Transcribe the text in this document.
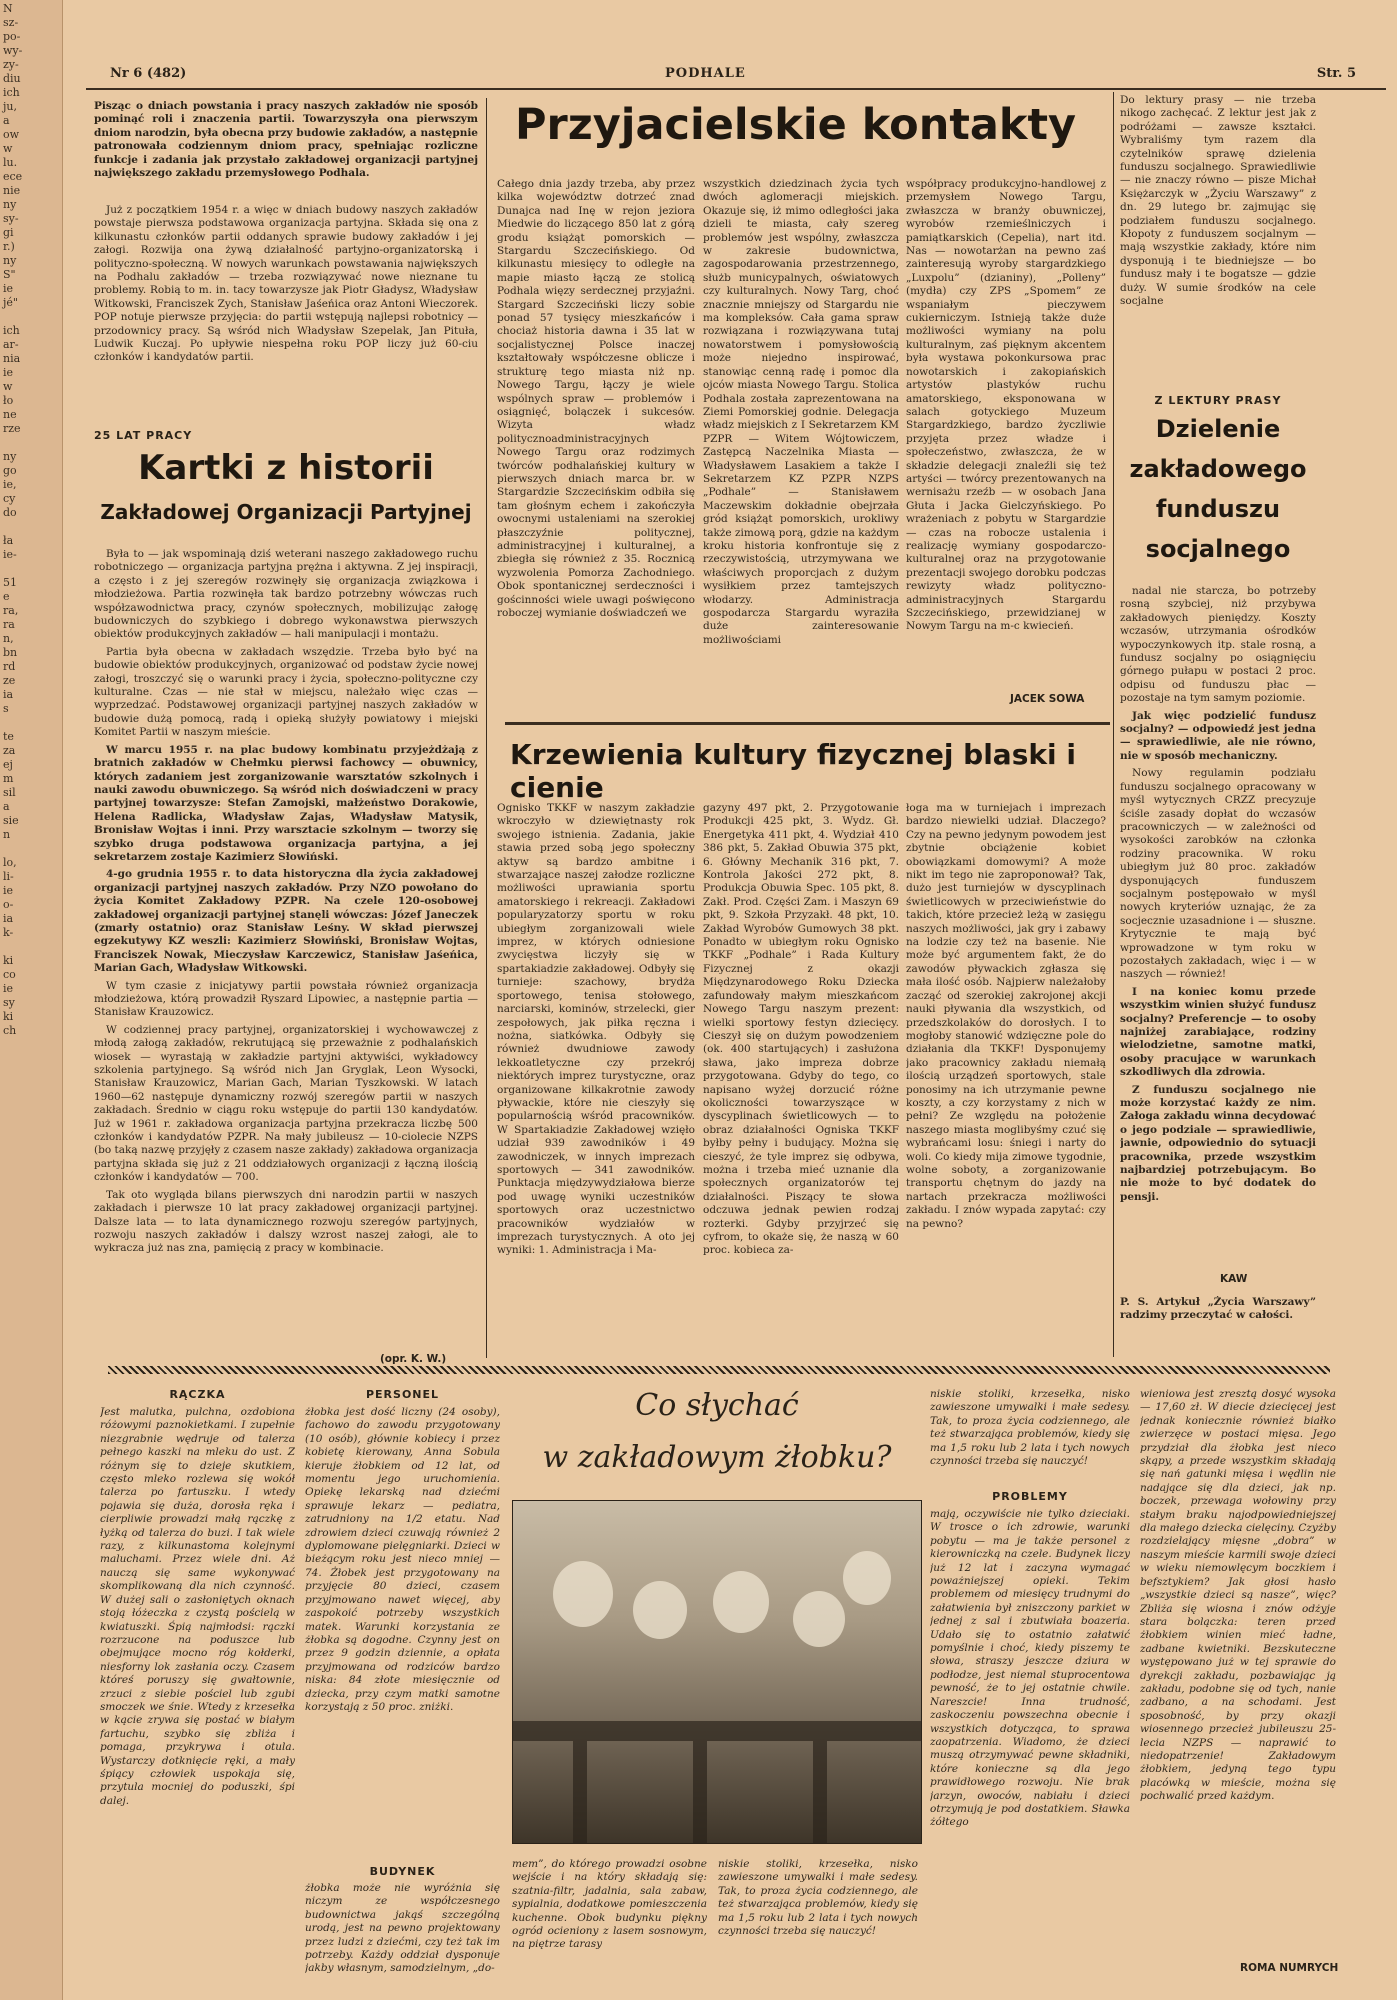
N
sz-
po-
wy-
zy-
diu
ich
ju,
a
ow
w
lu.
ece
nie
ny
sy-
gi
r.)
ny
S"
ie
jé"

ich
ar-
nia
ie
w
ło
ne
rze

ny
go
ie,
cy
do

ła
ie-

51
e
ra,
ra
n,
bn
rd
ze
ia
s

te
za
ej
m
sil
a
sie
n

lo,
li-
ie
o-
ia
k-

ki
co
ie
sy
ki
ch
Nr 6 (482)	PODHALE	Str. 5
Pisząc o dniach powstania i pracy naszych zakładów nie sposób pominąć roli i znaczenia partii. Towarzyszyła ona pierwszym dniom narodzin, była obecna przy budowie zakładów, a następnie patronowała codziennym dniom pracy, spełniając rozliczne funkcje i zadania jak przystało zakładowej organizacji partyjnej największego zakładu przemysłowego Podhala.

Już z początkiem 1954 r. a więc w dniach budowy naszych zakładów powstaje pierwsza podstawowa organizacja partyjna. Składa się ona z kilkunastu członków partii oddanych sprawie budowy zakładów i jej załogi. Rozwija ona żywą działalność partyjno-organizatorską i polityczno-społeczną. W nowych warunkach powstawania największych na Podhalu zakładów — trzeba rozwiązywać nowe nieznane tu problemy. Robią to m. in. tacy towarzysze jak Piotr Gładysz, Władysław Witkowski, Franciszek Zych, Stanisław Jaśeńica oraz Antoni Wieczorek. POP notuje pierwsze przyjęcia: do partii wstępują najlepsi robotnicy — przodownicy pracy. Są wśród nich Władysław Szepelak, Jan Pituła, Ludwik Kuczaj. Po upływie niespełna roku POP liczy już 60-ciu członków i kandydatów partii.

25 LAT PRACY
Kartki z historii
Zakładowej Organizacji Partyjnej

Była to — jak wspominają dziś weterani naszego zakładowego ruchu robotniczego — organizacja partyjna prężna i aktywna. Z jej inspiracji, a często i z jej szeregów rozwinęły się organizacja związkowa i młodzieżowa. Partia rozwinęła tak bardzo potrzebny wówczas ruch współzawodnictwa pracy, czynów społecznych, mobilizując załogę budowniczych do szybkiego i dobrego wykonawstwa pierwszych obiektów produkcyjnych zakładów — hali manipulacji i montażu.

Partia była obecna w zakładach wszędzie. Trzeba było być na budowie obiektów produkcyjnych, organizować od podstaw życie nowej załogi, troszczyć się o warunki pracy i życia, społeczno-polityczne czy kulturalne. Czas — nie stał w miejscu, należało więc czas — wyprzedzać. Podstawowej organizacji partyjnej naszych zakładów w budowie dużą pomocą, radą i opieką służyły powiatowy i miejski Komitet Partii w naszym mieście.

W marcu 1955 r. na plac budowy kombinatu przyjeżdżają z bratnich zakładów w Chełmku pierwsi fachowcy — obuwnicy, których zadaniem jest zorganizowanie warsztatów szkolnych i nauki zawodu obuwniczego. Są wśród nich doświadczeni w pracy partyjnej towarzysze: Stefan Zamojski, małżeństwo Dorakowie, Helena Radlicka, Władysław Zajas, Władysław Matysik, Bronisław Wojtas i inni. Przy warsztacie szkolnym — tworzy się szybko druga podstawowa organizacja partyjna, a jej sekretarzem zostaje Kazimierz Słowiński.

4-go grudnia 1955 r. to data historyczna dla życia zakładowej organizacji partyjnej naszych zakładów. Przy NZO powołano do życia Komitet Zakładowy PZPR. Na czele 120-osobowej zakładowej organizacji partyjnej stanęli wówczas: Józef Janeczek (zmarły ostatnio) oraz Stanisław Leśny. W skład pierwszej egzekutywy KZ weszli: Kazimierz Słowiński, Bronisław Wojtas, Franciszek Nowak, Mieczysław Karczewicz, Stanisław Jaśeńica, Marian Gach, Władysław Witkowski.

W tym czasie z inicjatywy partii powstała również organizacja młodzieżowa, którą prowadził Ryszard Lipowiec, a następnie partia — Stanisław Krauzowicz.

W codziennej pracy partyjnej, organizatorskiej i wychowawczej z młodą załogą zakładów, rekrutującą się przeważnie z podhalańskich wiosek — wyrastają w zakładzie partyjni aktywiści, wykładowcy szkolenia partyjnego. Są wśród nich Jan Gryglak, Leon Wysocki, Stanisław Krauzowicz, Marian Gach, Marian Tyszkowski. W latach 1960—62 następuje dynamiczny rozwój szeregów partii w naszych zakładach. Średnio w ciągu roku wstępuje do partii 130 kandydatów. Już w 1961 r. zakładowa organizacja partyjna przekracza liczbę 500 członków i kandydatów PZPR. Na mały jubileusz — 10-ciolecie NZPS (bo taką nazwę przyjęły z czasem nasze zakłady) zakładowa organizacja partyjna składa się już z 21 oddziałowych organizacji z łączną ilością członków i kandydatów — 700.

Tak oto wygląda bilans pierwszych dni narodzin partii w naszych zakładach i pierwsze 10 lat pracy zakładowej organizacji partyjnej. Dalsze lata — to lata dynamicznego rozwoju szeregów partyjnych, rozwoju naszych zakładów i dalszy wzrost naszej załogi, ale to wykracza już nas zna, pamięcią z pracy w kombinacie.

(opr. K. W.)
Przyjacielskie kontakty
Całego dnia jazdy trzeba, aby przez kilka województw dotrzeć znad Dunajca nad Inę w rejon jeziora Miedwie do liczącego 850 lat z górą grodu książąt pomorskich — Stargardu Szczecińskiego. Od kilkunastu miesięcy to odległe na mapie miasto łączą ze stolicą Podhala więzy serdecznej przyjaźni. Stargard Szczeciński liczy sobie ponad 57 tysięcy mieszkańców i chociaż historia dawna i 35 lat w socjalistycznej Polsce inaczej kształtowały współczesne oblicze i strukturę tego miasta niż np. Nowego Targu, łączy je wiele wspólnych spraw — problemów i osiągnięć, bolączek i sukcesów. Wizyta władz politycznoadministracyjnych Nowego Targu oraz rodzimych twórców podhalańskiej kultury w pierwszych dniach marca br. w Stargardzie Szczecińskim odbiła się tam głośnym echem i zakończyła owocnymi ustaleniami na szerokiej płaszczyźnie politycznej, administracyjnej i kulturalnej, a zbiegła się również z 35. Rocznicą wyzwolenia Pomorza Zachodniego. Obok spontanicznej serdeczności i gościnności wiele uwagi poświęcono roboczej wymianie doświadczeń we
wszystkich dziedzinach życia tych dwóch aglomeracji miejskich. Okazuje się, iż mimo odległości jaka dzieli te miasta, cały szereg problemów jest wspólny, zwłaszcza w zakresie budownictwa, zagospodarowania przestrzennego, służb municypalnych, oświatowych czy kulturalnych. Nowy Targ, choć znacznie mniejszy od Stargardu nie ma kompleksów. Cała gama spraw rozwiązana i rozwiązywana tutaj nowatorstwem i pomysłowością może niejedno inspirować, stanowiąc cenną radę i pomoc dla ojców miasta Nowego Targu. Stolica Podhala została zaprezentowana na Ziemi Pomorskiej godnie. Delegacja władz miejskich z I Sekretarzem KM PZPR — Witem Wójtowiczem, Zastępcą Naczelnika Miasta — Władysławem Lasakiem a także I Sekretarzem KZ PZPR NZPS „Podhale” — Stanisławem Maczewskim dokładnie obejrzała gród książąt pomorskich, urokliwy także zimową porą, gdzie na każdym kroku historia konfrontuje się z rzeczywistością, utrzymywana we właściwych proporcjach z dużym wysiłkiem przez tamtejszych włodarzy. Administracja gospodarcza Stargardu wyraziła duże zainteresowanie możliwościami
współpracy produkcyjno-handlowej z przemysłem Nowego Targu, zwłaszcza w branży obuwniczej, wyrobów rzemieślniczych i pamiątkarskich (Cepelia), nart itd. Nas — nowotarżan na pewno zaś zainteresują wyroby stargardzkiego „Luxpolu” (dzianiny), „Polleny” (mydła) czy ZPS „Spomem” ze wspaniałym pieczywem cukierniczym. Istnieją także duże możliwości wymiany na polu kulturalnym, zaś pięknym akcentem była wystawa pokonkursowa prac nowotarskich i zakopiańskich artystów plastyków ruchu amatorskiego, eksponowana w salach gotyckiego Muzeum Stargardzkiego, bardzo życzliwie przyjęta przez władze i społeczeństwo, zwłaszcza, że w składzie delegacji znaleźli się też artyści — twórcy prezentowanych na wernisażu rzeźb — w osobach Jana Głuta i Jacka Gielczyńskiego. Po wrażeniach z pobytu w Stargardzie — czas na robocze ustalenia i realizację wymiany gospodarczo-kulturalnej oraz na przygotowanie prezentacji swojego dorobku podczas rewizyty władz polityczno-administracyjnych Stargardu Szczecińskiego, przewidzianej w Nowym Targu na m-c kwiecień.
JACEK SOWA
Krzewienia kultury fizycznej blaski i cienie
Ognisko TKKF w naszym zakładzie wkroczyło w dziewiętnasty rok swojego istnienia. Zadania, jakie stawia przed sobą jego społeczny aktyw są bardzo ambitne i stwarzające naszej załodze rozliczne możliwości uprawiania sportu amatorskiego i rekreacji. Zakładowi popularyzatorzy sportu w roku ubiegłym zorganizowali wiele imprez, w których odniesione zwycięstwa liczyły się w spartakiadzie zakładowej. Odbyły się turnieje: szachowy, brydża sportowego, tenisa stołowego, narciarski, kominów, strzelecki, gier zespołowych, jak piłka ręczna i nożna, siatkówka. Odbyły się również dwudniowe zawody lekkoatletyczne czy przekrój niektórych imprez turystyczne, oraz organizowane kilkakrotnie zawody pływackie, które nie cieszyły się popularnością wśród pracowników. W Spartakiadzie Zakładowej wzięło udział 939 zawodników i 49 zawodniczek, w innych imprezach sportowych — 341 zawodników. Punktacja międzywydziałowa bierze pod uwagę wyniki uczestników sportowych oraz uczestnictwo pracowników wydziałów w imprezach turystycznych. A oto jej wyniki: 1. Administracja i Ma-
gazyny 497 pkt, 2. Przygotowanie Produkcji 425 pkt, 3. Wydz. Gł. Energetyka 411 pkt, 4. Wydział 410 386 pkt, 5. Zakład Obuwia 375 pkt, 6. Główny Mechanik 316 pkt, 7. Kontrola Jakości 272 pkt, 8. Produkcja Obuwia Spec. 105 pkt, 8. Zakł. Prod. Części Zam. i Maszyn 69 pkt, 9. Szkoła Przyzakł. 48 pkt, 10. Zakład Wyrobów Gumowych 38 pkt. Ponadto w ubiegłym roku Ognisko TKKF „Podhale” i Rada Kultury Fizycznej z okazji Międzynarodowego Roku Dziecka zafundowały małym mieszkańcom Nowego Targu naszym prezent: wielki sportowy festyn dziecięcy. Cieszył się on dużym powodzeniem (ok. 400 startujących) i zasłużona sława, jako impreza dobrze przygotowana. Gdyby do tego, co napisano wyżej dorzucić różne okoliczności towarzyszące w dyscyplinach świetlicowych — to obraz działalności Ogniska TKKF byłby pełny i budujący. Można się cieszyć, że tyle imprez się odbywa, można i trzeba mieć uznanie dla społecznych organizatorów tej działalności. Piszący te słowa odczuwa jednak pewien rodzaj rozterki. Gdyby przyjrzeć się cyfrom, to okaże się, że naszą w 60 proc. kobieca za-
łoga ma w turniejach i imprezach bardzo niewielki udział. Dlaczego? Czy na pewno jedynym powodem jest zbytnie obciążenie kobiet obowiązkami domowymi? A może nikt im tego nie zaproponował? Tak, dużo jest turniejów w dyscyplinach świetlicowych w przeciwieństwie do takich, które przecież leżą w zasięgu naszych możliwości, jak gry i zabawy na lodzie czy też na basenie. Nie może być argumentem fakt, że do zawodów pływackich zgłasza się mała ilość osób. Najpierw należałoby zacząć od szerokiej zakrojonej akcji nauki pływania dla wszystkich, od przedszkolaków do dorosłych. I to mogłoby stanowić wdzięczne pole do działania dla TKKF! Dysponujemy jako pracownicy zakładu niemałą ilością urządzeń sportowych, stale ponosimy na ich utrzymanie pewne koszty, a czy korzystamy z nich w pełni? Ze względu na położenie naszego miasta moglibyśmy czuć się wybrańcami losu: śniegi i narty do woli. Co kiedy mija zimowe tygodnie, wolne soboty, a zorganizowanie transportu chętnym do jazdy na nartach przekracza możliwości zakładu. I znów wypada zapytać: czy na pewno?
Do lektury prasy — nie trzeba nikogo zachęcać. Z lektur jest jak z podróżami — zawsze kształci. Wybraliśmy tym razem dla czytelników sprawę dzielenia funduszu socjalnego. Sprawiedliwie — nie znaczy równo — pisze Michał Księżarczyk w „Życiu Warszawy” z dn. 29 lutego br. zajmując się podziałem funduszu socjalnego. Kłopoty z funduszem socjalnym — mają wszystkie zakłady, które nim dysponują i te biedniejsze — bo fundusz mały i te bogatsze — gdzie duży. W sumie środków na cele socjalne
Z LEKTURY PRASY
Dzielenie
zakładowego
funduszu
socjalnego

nadal nie starcza, bo potrzeby rosną szybciej, niż przybywa zakładowych pieniędzy. Koszty wczasów, utrzymania ośrodków wypoczynkowych itp. stale rosną, a fundusz socjalny po osiągnięciu górnego pułapu w postaci 2 proc. odpisu od funduszu płac — pozostaje na tym samym poziomie.

Jak więc podzielić fundusz socjalny? — odpowiedź jest jedna — sprawiedliwie, ale nie równo, nie w sposób mechaniczny.

Nowy regulamin podziału funduszu socjalnego opracowany w myśl wytycznych CRZZ precyzuje ściśle zasady dopłat do wczasów pracowniczych — w zależności od wysokości zarobków na członka rodziny pracownika. W roku ubiegłym już 80 proc. zakładów dysponujących funduszem socjalnym postępowało w myśl nowych kryteriów uznając, że za socjecznie uzasadnione i — słuszne. Krytycznie te mają być wprowadzone w tym roku w pozostałych zakładach, więc i — w naszych — również!

I na koniec komu przede wszystkim winien służyć fundusz socjalny? Preferencje — to osoby najniżej zarabiające, rodziny wielodzietne, samotne matki, osoby pracujące w warunkach szkodliwych dla zdrowia.

Z funduszu socjalnego nie może korzystać każdy ze nim. Załoga zakładu winna decydować o jego podziale — sprawiedliwie, jawnie, odpowiednio do sytuacji pracownika, przede wszystkim najbardziej potrzebującym. Bo nie może to być dodatek do pensji.

KAW
P. S. Artykuł „Życia Warszawy” radzimy przeczytać w całości.
RĄCZKA
Jest malutka, pulchna, ozdobiona różowymi paznokietkami. I zupełnie niezgrabnie wędruje od talerza pełnego kaszki na mleku do ust. Z różnym się to dzieje skutkiem, często mleko rozlewa się wokół talerza po fartuszku. I wtedy pojawia się duża, dorosła ręka i cierpliwie prowadzi małą rączkę z łyżką od talerza do buzi. I tak wiele razy, z kilkunastoma kolejnymi maluchami. Przez wiele dni. Aż nauczą się same wykonywać skomplikowaną dla nich czynność. W dużej sali o zasłoniętych oknach stoją łóżeczka z czystą pościelą w kwiatuszki. Śpią najmłodsi: rączki rozrzucone na poduszce lub obejmujące mocno róg kołderki, niesforny lok zasłania oczy. Czasem któreś poruszy się gwałtownie, zrzuci z siebie pościel lub zgubi smoczek we śnie. Wtedy z krzesełka w kącie zrywa się postać w białym fartuchu, szybko się zbliża i pomaga, przykrywa i otula. Wystarczy dotknięcie ręki, a mały śpiący człowiek uspokaja się, przytula mocniej do poduszki, śpi dalej.
PERSONEL
żłobka jest dość liczny (24 osoby), fachowo do zawodu przygotowany (10 osób), głównie kobiecy i przez kobietę kierowany, Anna Sobula kieruje żłobkiem od 12 lat, od momentu jego uruchomienia. Opiekę lekarską nad dziećmi sprawuje lekarz — pediatra, zatrudniony na 1/2 etatu. Nad zdrowiem dzieci czuwają również 2 dyplomowane pielęgniarki. Dzieci w bieżącym roku jest nieco mniej — 74. Żłobek jest przygotowany na przyjęcie 80 dzieci, czasem przyjmowano nawet więcej, aby zaspokoić potrzeby wszystkich matek. Warunki korzystania ze żłobka są dogodne. Czynny jest on przez 9 godzin dziennie, a opłata przyjmowana od rodziców bardzo niska: 84 złote miesięcznie od dziecka, przy czym matki samotne korzystają z 50 proc. zniżki.
BUDYNEK
żłobka może nie wyróżnia się niczym ze współczesnego budownictwa jakąś szczególną urodą, jest na pewno projektowany przez ludzi z dziećmi, czy też tak im potrzeby. Każdy oddział dysponuje jakby własnym, samodzielnym, „do-
Co słychać
w zakładowym żłobku?
mem”, do którego prowadzi osobne wejście i na który składają się: szatnia-filtr, jadalnia, sala zabaw, sypialnia, dodatkowe pomieszczenia kuchenne. Obok budynku piękny ogród ocieniony z lasem sosnowym, na piętrze tarasy
niskie stoliki, krzesełka, nisko zawieszone umywalki i małe sedesy. Tak, to proza życia codziennego, ale też stwarzająca problemów, kiedy się ma 1,5 roku lub 2 lata i tych nowych czynności trzeba się nauczyć!
niskie stoliki, krzesełka, nisko zawieszone umywalki i małe sedesy. Tak, to proza życia codziennego, ale też stwarzająca problemów, kiedy się ma 1,5 roku lub 2 lata i tych nowych czynności trzeba się nauczyć!
PROBLEMY
mają, oczywiście nie tylko dzieciaki. W trosce o ich zdrowie, warunki pobytu — ma je także personel z kierowniczką na czele. Budynek liczy już 12 lat i zaczyna wymagać poważniejszej opieki. Tekim problemem od miesięcy trudnymi do załatwienia był zniszczony parkiet w jednej z sal i zbutwiała boazeria. Udało się to ostatnio załatwić pomyślnie i choć, kiedy piszemy te słowa, straszy jeszcze dziura w podłodze, jest niemal stuprocentowa pewność, że to jej ostatnie chwile. Nareszcie! Inna trudność, zaskoczeniu powszechna obecnie i wszystkich dotycząca, to sprawa zaopatrzenia. Wiadomo, że dzieci muszą otrzymywać pewne składniki, które konieczne są dla jego prawidłowego rozwoju. Nie brak jarzyn, owoców, nabiału i dzieci otrzymują je pod dostatkiem. Sławka żółtego
wieniowa jest zresztą dosyć wysoka — 17,60 zł. W diecie dziecięcej jest jednak koniecznie również białko zwierzęce w postaci mięsa. Jego przydział dla żłobka jest nieco skąpy, a przede wszystkim składają się nań gatunki mięsa i wędlin nie nadające się dla dzieci, jak np. boczek, przewaga wołowiny przy stałym braku najodpowiedniejszej dla małego dziecka cielęciny. Czyżby rozdzielający mięsne „dobra” w naszym mieście karmili swoje dzieci w wieku niemowlęcym boczkiem i befsztykiem? Jak głosi hasło „wszystkie dzieci są nasze”, więc? Zbliża się wiosna i znów odżyje stara bolączka: teren przed żłobkiem winien mieć ładne, zadbane kwietniki. Bezskuteczne występowano już w tej sprawie do dyrekcji zakładu, pozbawiając ją zakładu, podobne się od tych, nanie zadbano, a na schodami. Jest sposobność, by przy okazji wiosennego przecież jubileuszu 25-lecia NZPS — naprawić to niedopatrzenie! Zakładowym żłobkiem, jedyną tego typu placówką w mieście, można się pochwalić przed każdym.
ROMA NUMRYCH
